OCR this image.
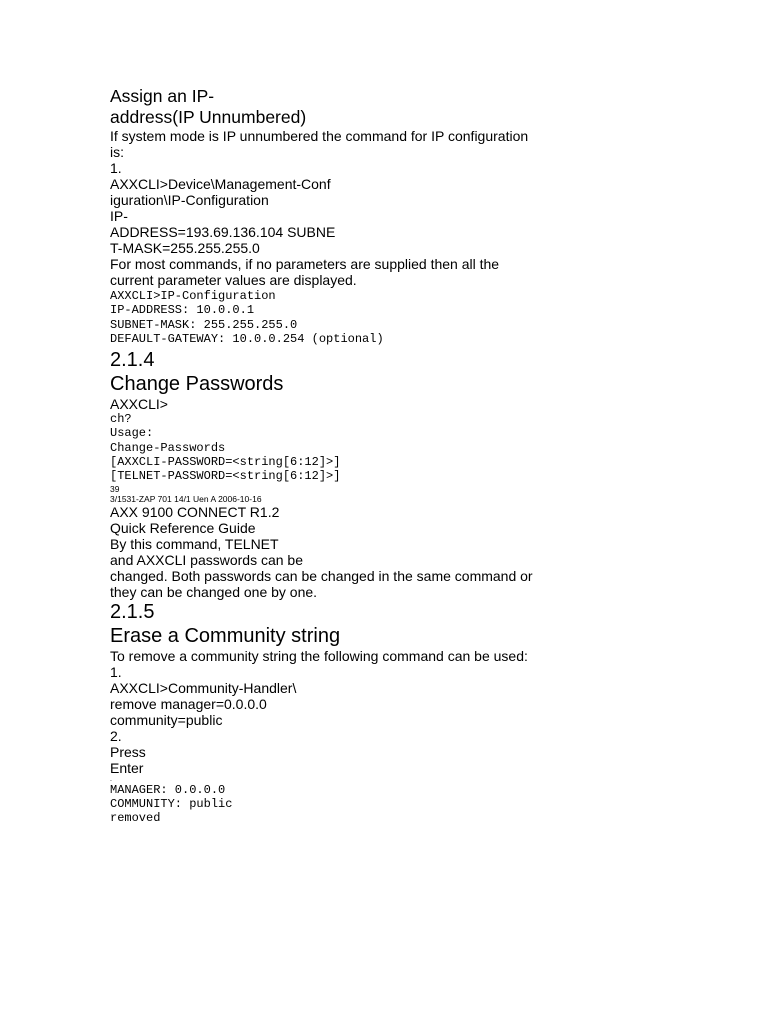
Assign an IP-
address(IP Unnumbered)
If system mode is IP unnumbered the command for IP configuration
is:
1.
AXXCLI>Device\Management-Conf
iguration\IP-Configuration
IP-
ADDRESS=193.69.136.104 SUBNE
T-MASK=255.255.255.0
For most commands, if no parameters are supplied then all the
current parameter values are displayed.
AXXCLI>IP-Configuration
IP-ADDRESS: 10.0.0.1
SUBNET-MASK: 255.255.255.0
DEFAULT-GATEWAY: 10.0.0.254 (optional)
2.1.4
Change Passwords
AXXCLI>
ch?
Usage:
Change-Passwords
[AXXCLI-PASSWORD=<string[6:12]>]
[TELNET-PASSWORD=<string[6:12]>]
39
3/1531-ZAP 701 14/1 Uen A 2006-10-16
AXX 9100 CONNECT R1.2
Quick Reference Guide
By this command, TELNET
and AXXCLI passwords can be
changed. Both passwords can be changed in the same command or
they can be changed one by one.
2.1.5
Erase a Community string
To remove a community string the following command can be used:
1.
AXXCLI>Community-Handler\
remove manager=0.0.0.0
community=public
2.
Press
Enter
.
MANAGER: 0.0.0.0
COMMUNITY: public
removed
